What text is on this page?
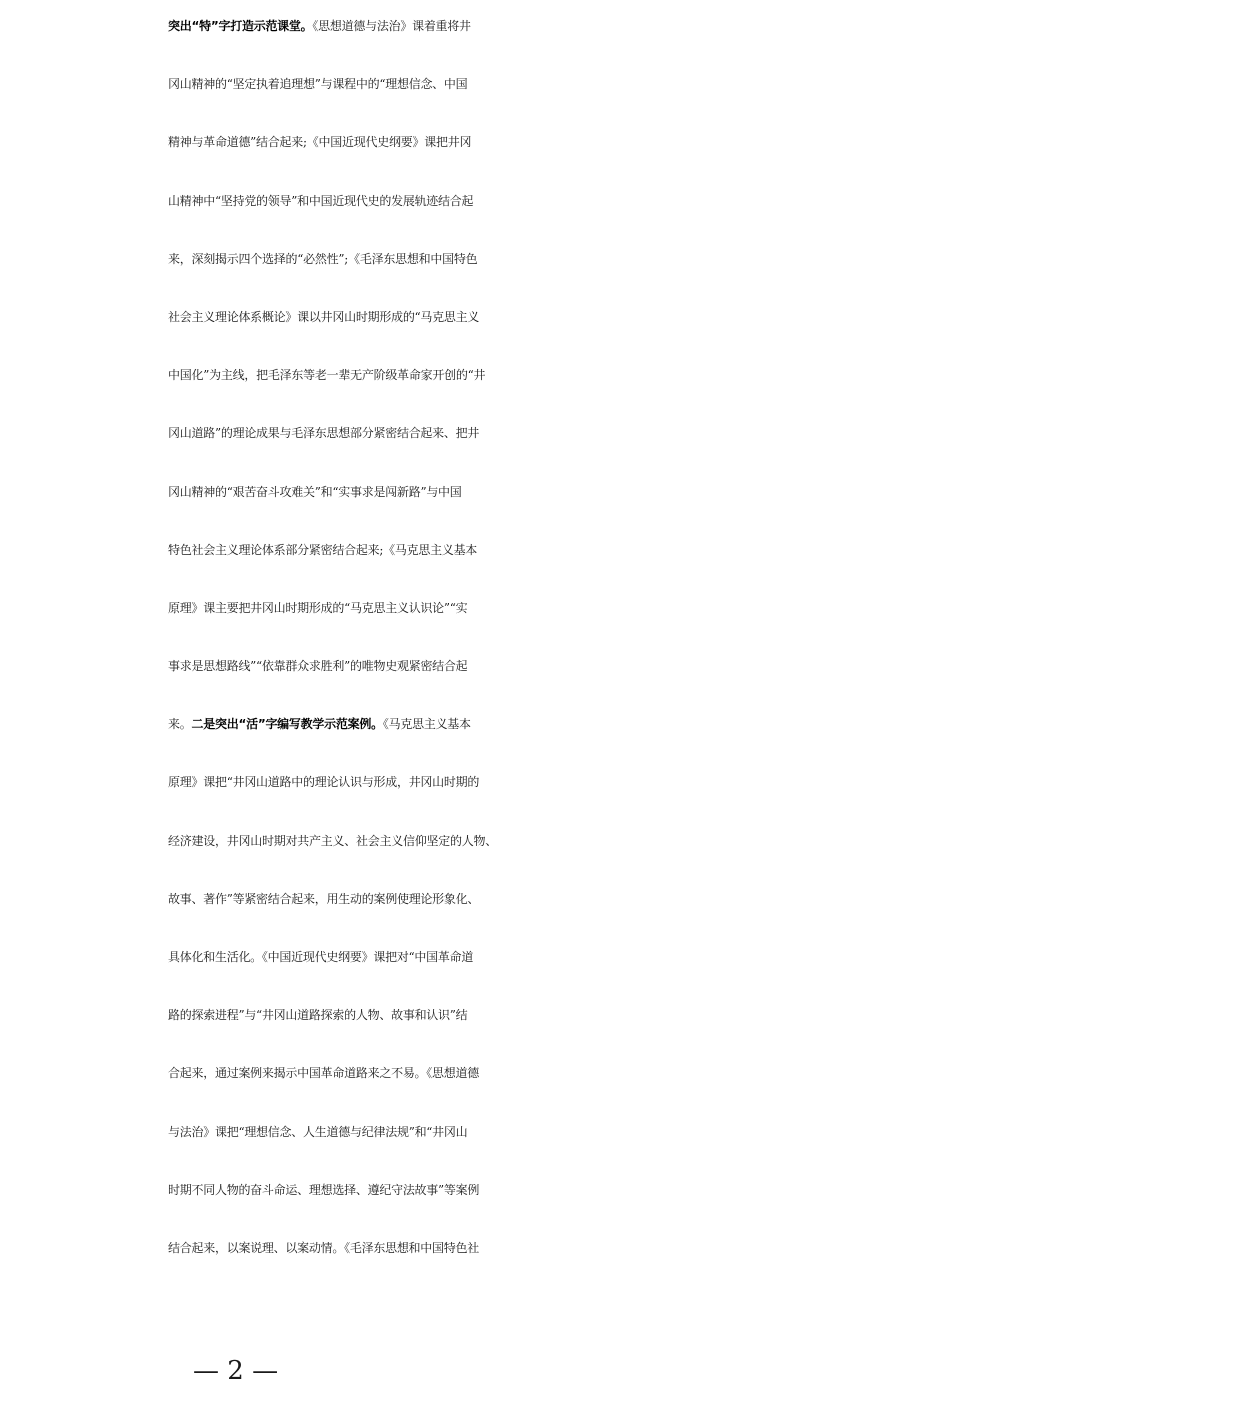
突出“特”字打造示范课堂。《思想道德与法治》课着重将井
冈山精神的“坚定执着追理想”与课程中的“理想信念、中国
精神与革命道德”结合起来;《中国近现代史纲要》课把井冈
山精神中“坚持党的领导”和中国近现代史的发展轨迹结合起
来，深刻揭示四个选择的“必然性”;《毛泽东思想和中国特色
社会主义理论体系概论》课以井冈山时期形成的“马克思主义
中国化”为主线，把毛泽东等老一辈无产阶级革命家开创的“井
冈山道路”的理论成果与毛泽东思想部分紧密结合起来、把井
冈山精神的“艰苦奋斗攻难关”和“实事求是闯新路”与中国
特色社会主义理论体系部分紧密结合起来;《马克思主义基本
原理》课主要把井冈山时期形成的“马克思主义认识论”“实
事求是思想路线”“依靠群众求胜利”的唯物史观紧密结合起
来。二是突出“活”字编写教学示范案例。《马克思主义基本
原理》课把“井冈山道路中的理论认识与形成，井冈山时期的
经济建设，井冈山时期对共产主义、社会主义信仰坚定的人物、
故事、著作”等紧密结合起来，用生动的案例使理论形象化、
具体化和生活化。《中国近现代史纲要》课把对“中国革命道
路的探索进程”与“井冈山道路探索的人物、故事和认识”结
合起来，通过案例来揭示中国革命道路来之不易。《思想道德
与法治》课把“理想信念、人生道德与纪律法规”和“井冈山
时期不同人物的奋斗命运、理想选择、遵纪守法故事”等案例
结合起来，以案说理、以案动情。《毛泽东思想和中国特色社
— 2 —
